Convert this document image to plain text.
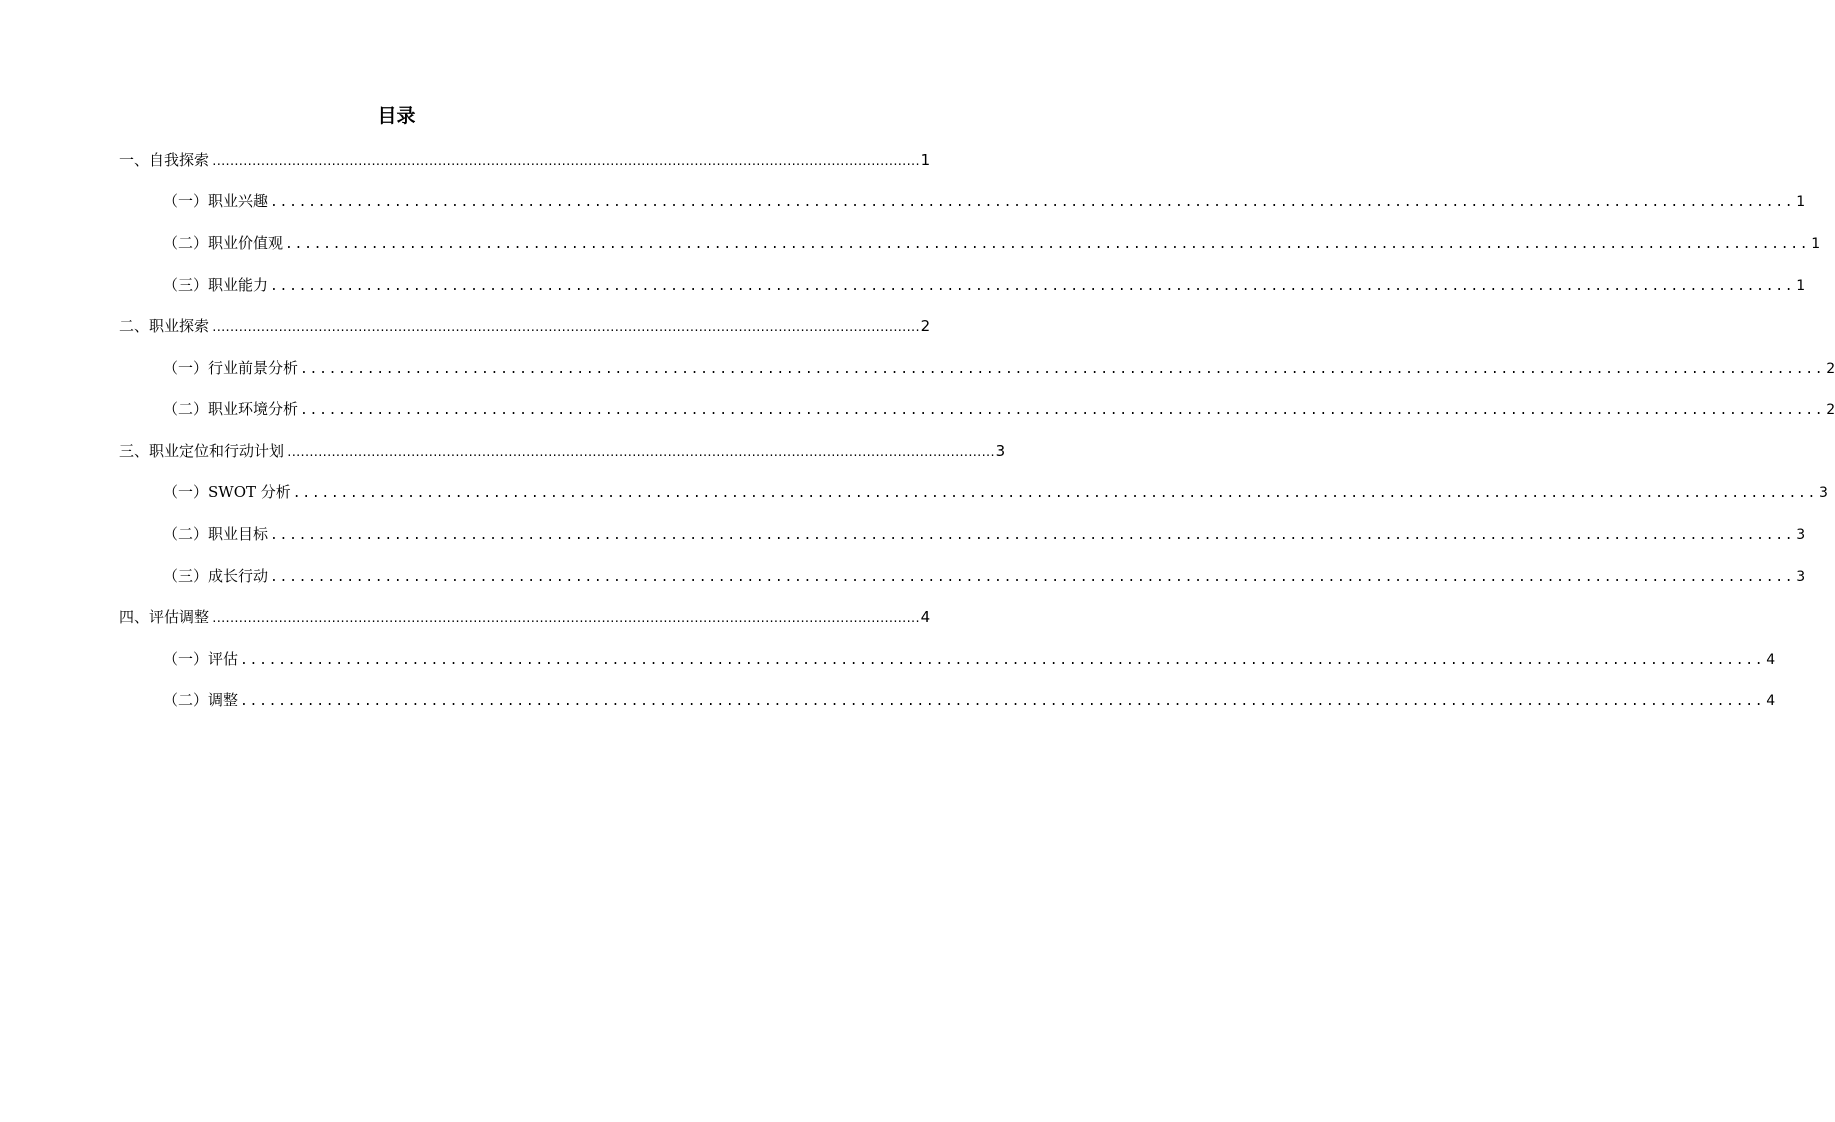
目录
一、自我探索 ................................................................................................................................................................ 1
（一）职业兴趣 ................................................................................................................................................................ 1
（二）职业价值观 ................................................................................................................................................................ 1
（三）职业能力 ................................................................................................................................................................ 1
二、职业探索 ................................................................................................................................................................ 2
（一）行业前景分析 ................................................................................................................................................................ 2
（二）职业环境分析 ................................................................................................................................................................ 2
三、职业定位和行动计划 ................................................................................................................................................................ 3
（一）SWOT 分析 ................................................................................................................................................................ 3
（二）职业目标 ................................................................................................................................................................ 3
（三）成长行动 ................................................................................................................................................................ 3
四、评估调整 ................................................................................................................................................................ 4
（一）评估 ................................................................................................................................................................ 4
（二）调整 ................................................................................................................................................................ 4
